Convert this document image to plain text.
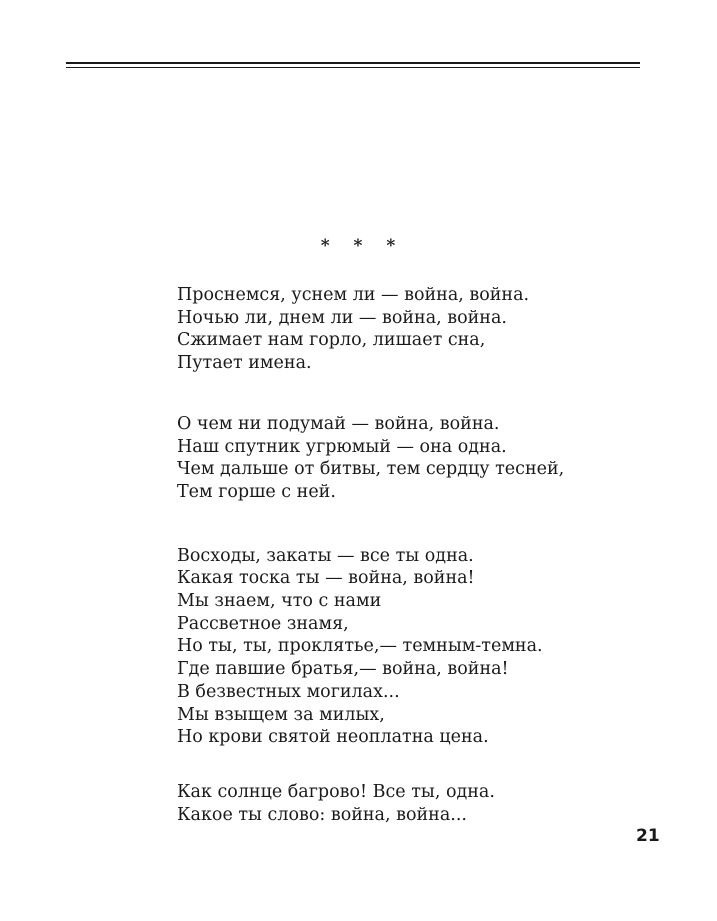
* * *
Проснемся, уснем ли — война, война.
Ночью ли, днем ли — война, война.
Сжимает нам горло, лишает сна,
Путает имена.
О чем ни подумай — война, война.
Наш спутник угрюмый — она одна.
Чем дальше от битвы, тем сердцу тесней,
Тем горше с ней.
Восходы, закаты — все ты одна.
Какая тоска ты — война, война!
Мы знаем, что с нами
Рассветное знамя,
Но ты, ты, проклятье,— темным-темна.
Где павшие братья,— война, война!
В безвестных могилах...
Мы взыщем за милых,
Но крови святой неоплатна цена.
Как солнце багрово! Все ты, одна.
Какое ты слово: война, война...
21
